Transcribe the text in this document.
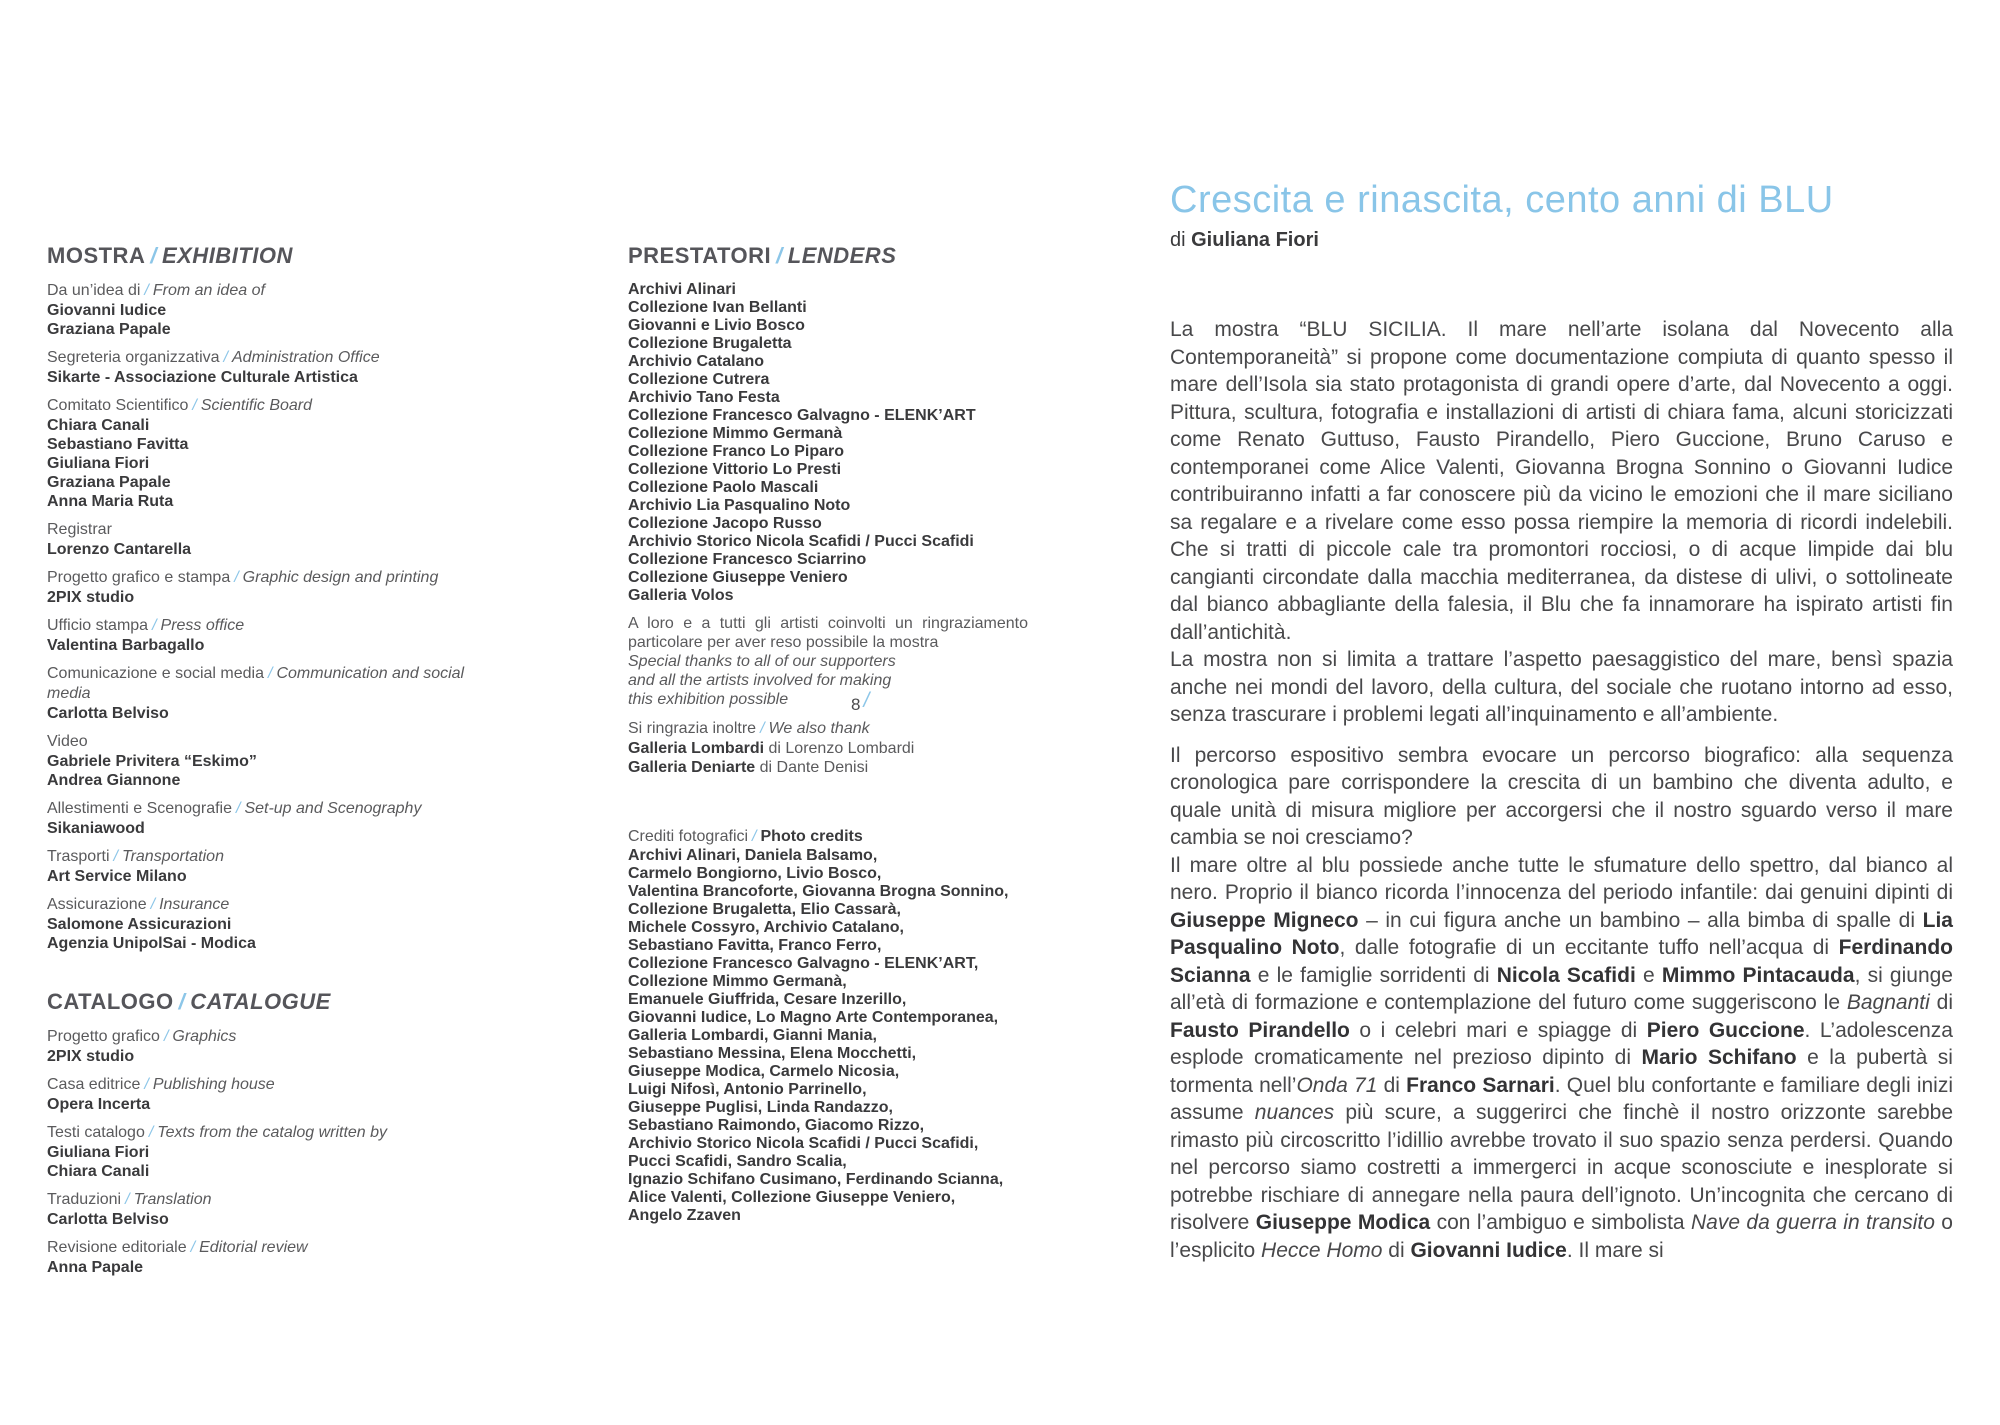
MOSTRA / EXHIBITION
Da un’idea di / From an idea of
Giovanni Iudice
Graziana Papale
Segreteria organizzativa / Administration Office
Sikarte - Associazione Culturale Artistica
Comitato Scientifico / Scientific Board
Chiara Canali
Sebastiano Favitta
Giuliana Fiori
Graziana Papale
Anna Maria Ruta
Registrar
Lorenzo Cantarella
Progetto grafico e stampa / Graphic design and printing
2PIX studio
Ufficio stampa / Press office
Valentina Barbagallo
Comunicazione e social media / Communication and social media
Carlotta Belviso
Video
Gabriele Privitera “Eskimo”
Andrea Giannone
Allestimenti e Scenografie / Set-up and Scenography
Sikaniawood
Trasporti / Transportation
Art Service Milano
Assicurazione / Insurance
Salomone Assicurazioni
Agenzia UnipolSai - Modica
CATALOGO / CATALOGUE
Progetto grafico / Graphics
2PIX studio
Casa editrice / Publishing house
Opera Incerta
Testi catalogo / Texts from the catalog written by
Giuliana Fiori
Chiara Canali
Traduzioni / Translation
Carlotta Belviso
Revisione editoriale / Editorial review
Anna Papale
PRESTATORI / LENDERS
Archivi Alinari
Collezione Ivan Bellanti
Giovanni e Livio Bosco
Collezione Brugaletta
Archivio Catalano
Collezione Cutrera
Archivio Tano Festa
Collezione Francesco Galvagno - ELENK’ART
Collezione Mimmo Germanà
Collezione Franco Lo Piparo
Collezione Vittorio Lo Presti
Collezione Paolo Mascali
Archivio Lia Pasqualino Noto
Collezione Jacopo Russo
Archivio Storico Nicola Scafidi / Pucci Scafidi
Collezione Francesco Sciarrino
Collezione Giuseppe Veniero
Galleria Volos
A loro e a tutti gli artisti coinvolti un ringraziamento
particolare per aver reso possibile la mostra
Special thanks to all of our supporters
and all the artists involved for making
this exhibition possible
Si ringrazia inoltre / We also thank
Galleria Lombardi di Lorenzo Lombardi
Galleria Deniarte di Dante Denisi
Crediti fotografici / Photo credits
Archivi Alinari, Daniela Balsamo,
Carmelo Bongiorno, Livio Bosco,
Valentina Brancoforte, Giovanna Brogna Sonnino,
Collezione Brugaletta, Elio Cassarà,
Michele Cossyro, Archivio Catalano,
Sebastiano Favitta, Franco Ferro,
Collezione Francesco Galvagno - ELENK’ART,
Collezione Mimmo Germanà,
Emanuele Giuffrida, Cesare Inzerillo,
Giovanni Iudice, Lo Magno Arte Contemporanea,
Galleria Lombardi, Gianni Mania,
Sebastiano Messina, Elena Mocchetti,
Giuseppe Modica, Carmelo Nicosia,
Luigi Nifosì, Antonio Parrinello,
Giuseppe Puglisi, Linda Randazzo,
Sebastiano Raimondo, Giacomo Rizzo,
Archivio Storico Nicola Scafidi / Pucci Scafidi,
Pucci Scafidi, Sandro Scalia,
Ignazio Schifano Cusimano, Ferdinando Scianna,
Alice Valenti, Collezione Giuseppe Veniero,
Angelo Zzaven
8 /
Crescita e rinascita, cento anni di BLU
di Giuliana Fiori

La mostra “BLU SICILIA. Il mare nell’arte isolana dal Novecento alla Contemporaneità” si propone come documentazione compiuta di quanto spesso il mare dell’Isola sia stato protagonista di grandi opere d’arte, dal Novecento a oggi. Pittura, scultura, fotografia e installazioni di artisti di chiara fama, alcuni storicizzati come Renato Guttuso, Fausto Pirandello, Piero Guccione, Bruno Caruso e contemporanei come Alice Valenti, Giovanna Brogna Sonnino o Giovanni Iudice contribuiranno infatti a far conoscere più da vicino le emozioni che il mare siciliano sa regalare e a rivelare come esso possa riempire la memoria di ricordi indelebili. Che si tratti di piccole cale tra promontori rocciosi, o di acque limpide dai blu cangianti circondate dalla macchia mediterranea, da distese di ulivi, o sottolineate dal bianco abbagliante della falesia, il Blu che fa innamorare ha ispirato artisti fin dall’antichità.

La mostra non si limita a trattare l’aspetto paesaggistico del mare, bensì spazia anche nei mondi del lavoro, della cultura, del sociale che ruotano intorno ad esso, senza trascurare i problemi legati all’inquinamento e all’ambiente.

Il percorso espositivo sembra evocare un percorso biografico: alla sequenza cronologica pare corrispondere la crescita di un bambino che diventa adulto, e quale unità di misura migliore per accorgersi che il nostro sguardo verso il mare cambia se noi cresciamo?

Il mare oltre al blu possiede anche tutte le sfumature dello spettro, dal bianco al nero. Proprio il bianco ricorda l’innocenza del periodo infantile: dai genuini dipinti di Giuseppe Migneco – in cui figura anche un bambino – alla bimba di spalle di Lia Pasqualino Noto, dalle fotografie di un eccitante tuffo nell’acqua di Ferdinando Scianna e le famiglie sorridenti di Nicola Scafidi e Mimmo Pintacauda, si giunge all’età di formazione e contemplazione del futuro come suggeriscono le Bagnanti di Fausto Pirandello o i celebri mari e spiagge di Piero Guccione. L’adolescenza esplode cromaticamente nel prezioso dipinto di Mario Schifano e la pubertà si tormenta nell’Onda 71 di Franco Sarnari. Quel blu confortante e familiare degli inizi assume nuances più scure, a suggerirci che finchè il nostro orizzonte sarebbe rimasto più circoscritto l’idillio avrebbe trovato il suo spazio senza perdersi. Quando nel percorso siamo costretti a immergerci in acque sconosciute e inesplorate si potrebbe rischiare di annegare nella paura dell’ignoto. Un’incognita che cercano di risolvere Giuseppe Modica con l’ambiguo e simbolista Nave da guerra in transito o l’esplicito Hecce Homo di Giovanni Iudice. Il mare si
